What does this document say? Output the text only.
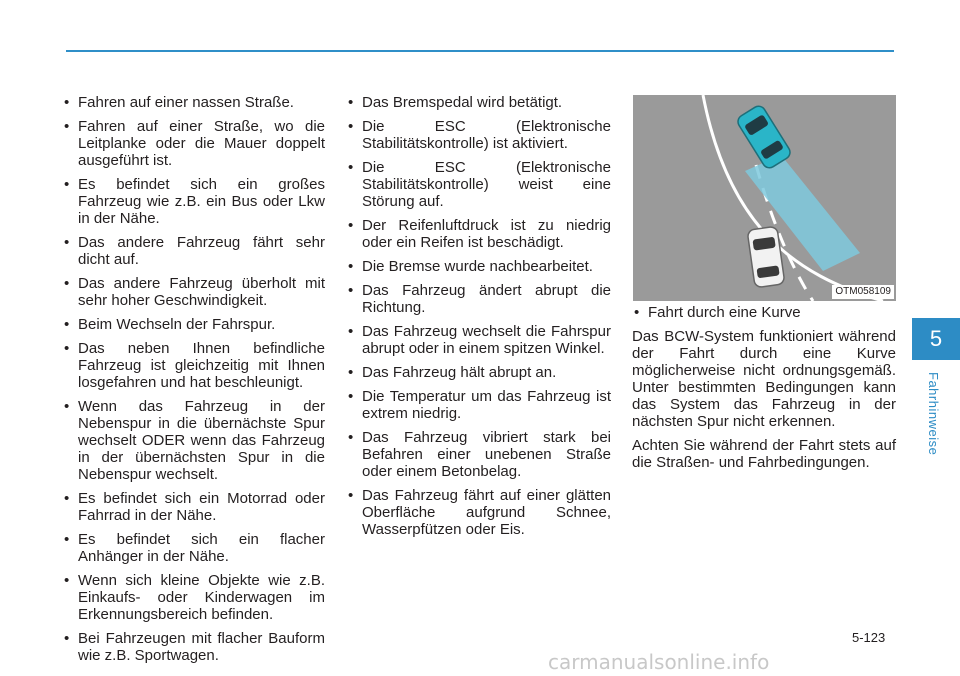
• Fahren auf einer nassen Straße.
• Fahren auf einer Straße, wo die Leitplanke oder die Mauer doppelt ausgeführt ist.
• Es befindet sich ein großes Fahrzeug wie z.B. ein Bus oder Lkw in der Nähe.
• Das andere Fahrzeug fährt sehr dicht auf.
• Das andere Fahrzeug überholt mit sehr hoher Geschwindigkeit.
• Beim Wechseln der Fahrspur.
• Das neben Ihnen befindliche Fahrzeug ist gleichzeitig mit Ihnen losgefahren und hat beschleunigt.
• Wenn das Fahrzeug in der Nebenspur in die übernächste Spur wechselt ODER wenn das Fahrzeug in der übernächsten Spur in die Nebenspur wechselt.
• Es befindet sich ein Motorrad oder Fahrrad in der Nähe.
• Es befindet sich ein flacher Anhänger in der Nähe.
• Wenn sich kleine Objekte wie z.B. Einkaufs- oder Kinderwagen im Erkennungsbereich befinden.
• Bei Fahrzeugen mit flacher Bauform wie z.B. Sportwagen.
• Das Bremspedal wird betätigt.
• Die ESC (Elektronische Stabilitätskontrolle) ist aktiviert.
• Die ESC (Elektronische Stabilitätskontrolle) weist eine Störung auf.
• Der Reifenluftdruck ist zu niedrig oder ein Reifen ist beschädigt.
• Die Bremse wurde nachbearbeitet.
• Das Fahrzeug ändert abrupt die Richtung.
• Das Fahrzeug wechselt die Fahrspur abrupt oder in einem spitzen Winkel.
• Das Fahrzeug hält abrupt an.
• Die Temperatur um das Fahrzeug ist extrem niedrig.
• Das Fahrzeug vibriert stark bei Befahren einer unebenen Straße oder einem Betonbelag.
• Das Fahrzeug fährt auf einer glätten Oberfläche aufgrund Schnee, Wasserpfützen oder Eis.
OTM058109
• Fahrt durch eine Kurve

Das BCW-System funktioniert während der Fahrt durch eine Kurve möglicherweise nicht ordnungsgemäß. Unter bestimmten Bedingungen kann das System das Fahrzeug in der nächsten Spur nicht erkennen.

Achten Sie während der Fahrt stets auf die Straßen- und Fahrbedingungen.

5
Fahrhinweise
5-123
carmanualsonline.info
